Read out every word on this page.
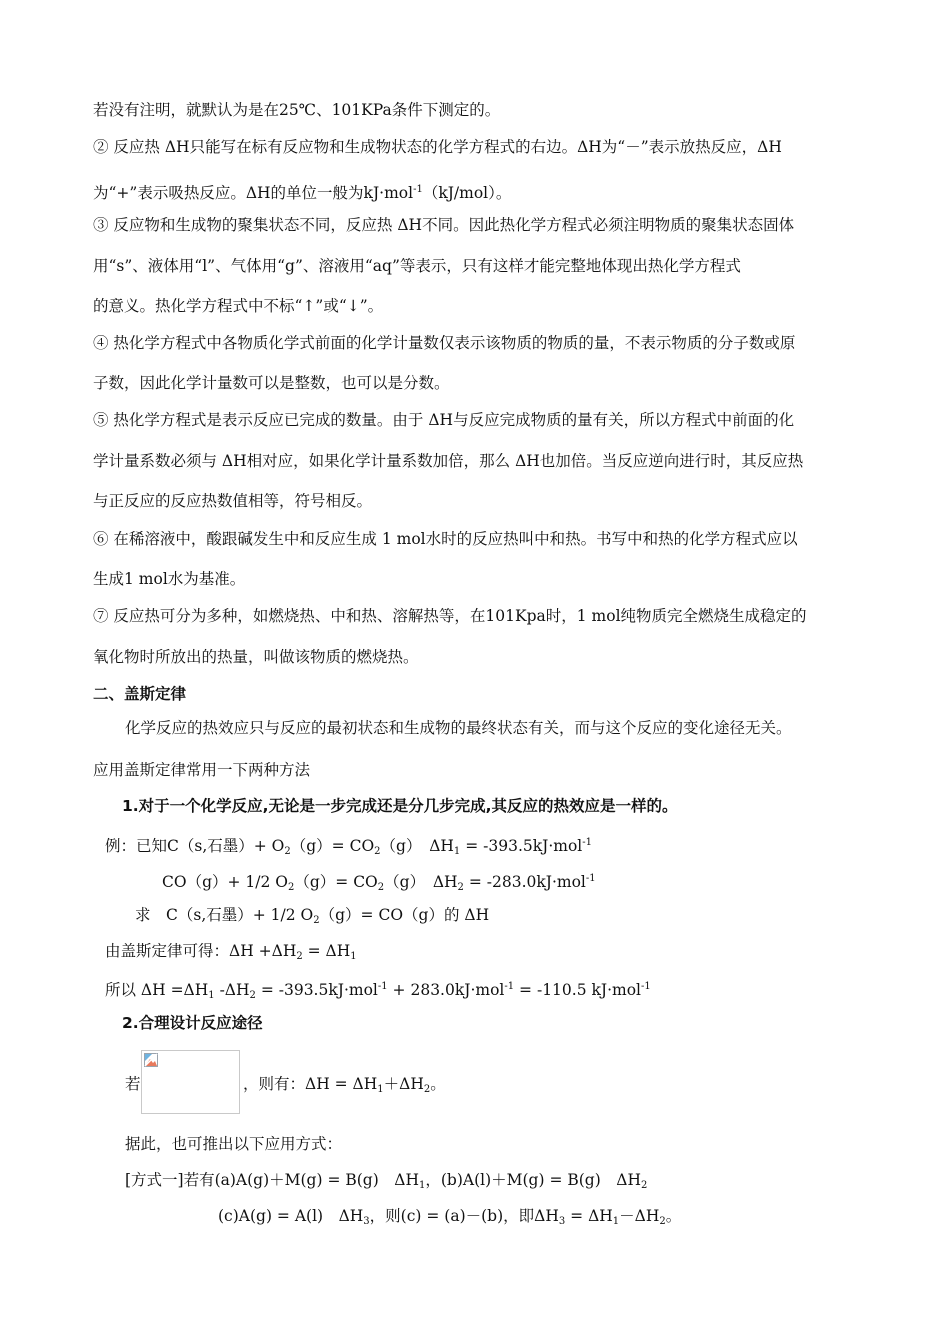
若没有注明，就默认为是在25℃、101KPa条件下测定的。
② 反应热 ΔH只能写在标有反应物和生成物状态的化学方程式的右边。ΔH为“－”表示放热反应，ΔH
为“+”表示吸热反应。ΔH的单位一般为kJ·mol$^{-1}$（kJ/mol）。
③ 反应物和生成物的聚集状态不同，反应热 ΔH不同。因此热化学方程式必须注明物质的聚集状态固体
用“s”、液体用“l”、气体用“g”、溶液用“aq”等表示，只有这样才能完整地体现出热化学方程式
的意义。热化学方程式中不标“↑”或“↓”。
④ 热化学方程式中各物质化学式前面的化学计量数仅表示该物质的物质的量，不表示物质的分子数或原
子数，因此化学计量数可以是整数，也可以是分数。
⑤ 热化学方程式是表示反应已完成的数量。由于 ΔH与反应完成物质的量有关，所以方程式中前面的化
学计量系数必须与 ΔH相对应，如果化学计量系数加倍，那么 ΔH也加倍。当反应逆向进行时，其反应热
与正反应的反应热数值相等，符号相反。
⑥ 在稀溶液中，酸跟碱发生中和反应生成 1 mol水时的反应热叫中和热。书写中和热的化学方程式应以
生成1 mol水为基准。
⑦ 反应热可分为多种，如燃烧热、中和热、溶解热等，在101Kpa时，1 mol纯物质完全燃烧生成稳定的
氧化物时所放出的热量，叫做该物质的燃烧热。
二、盖斯定律
化学反应的热效应只与反应的最初状态和生成物的最终状态有关，而与这个反应的变化途径无关。
应用盖斯定律常用一下两种方法
1.对于一个化学反应,无论是一步完成还是分几步完成,其反应的热效应是一样的。
例：已知C（s,石墨）+ $O_2(g)= CO_2(g)$　$\Delta H_1 = -393.5kJ\cdot mol^{-1}$
CO（g）+ 1/2 $O_2(g)= CO_2(g)$　$\Delta H_2 = -283.0kJ\cdot mol^{-1}$
求　C（s,石墨）+ 1/2 $O_2(g)= CO(g)$的 ΔH
由盖斯定律可得：$\Delta H +\Delta H_2 = \Delta H_1$
所以 $\Delta H =\Delta H_1$ $-\Delta H_2 = -393.5kJ\cdot mol^{-1} + 283.0kJ\cdot mol^{-1} = -110.5$ kJ·mol$^{-1}$
2.合理设计反应途径
若	，则有：$\Delta H = \Delta H_1+\Delta H_2$。
据此，也可推出以下应用方式：
[方式一]若有(a)A(g)＋M(g) = B(g)　$\Delta H_1$，(b)A(l)＋M(g) = B(g)　$\Delta H_2$
(c)A(g) = A(l)　$\Delta H_3$，则(c) = (a)－(b)，即$\Delta H_3 = \Delta H_1-\Delta H_2$。
